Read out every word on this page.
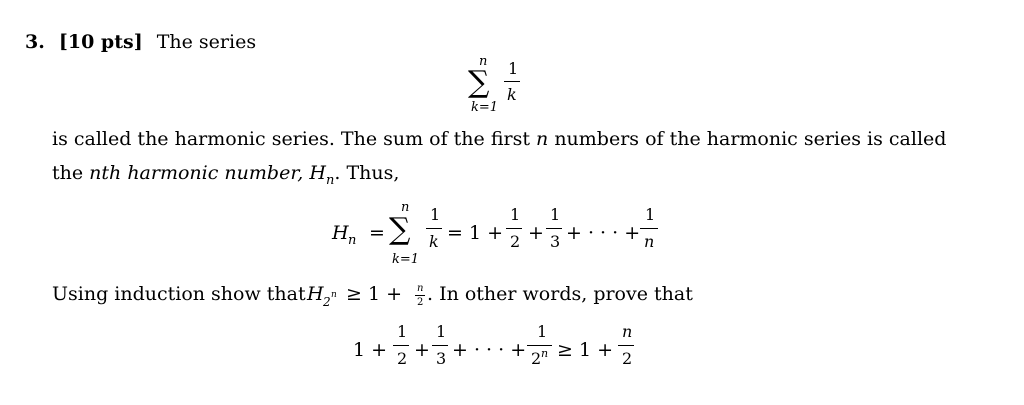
3. [10 pts] The series
n
∑
k=1
1
k
is called the harmonic series. The sum of the first n numbers of the harmonic series is called
the nth harmonic number, $H_n$. Thus,
H n =
n
∑
k=1
1
k = 1 +
1
2 +
1
3 + · · · +
1
n
Using induction show that H 2 n ≥ 1 + n
2 . In other words, prove that
1 +
1
2 +
1
3 + · · · +
1
2 n ≥ 1 +
n
2
